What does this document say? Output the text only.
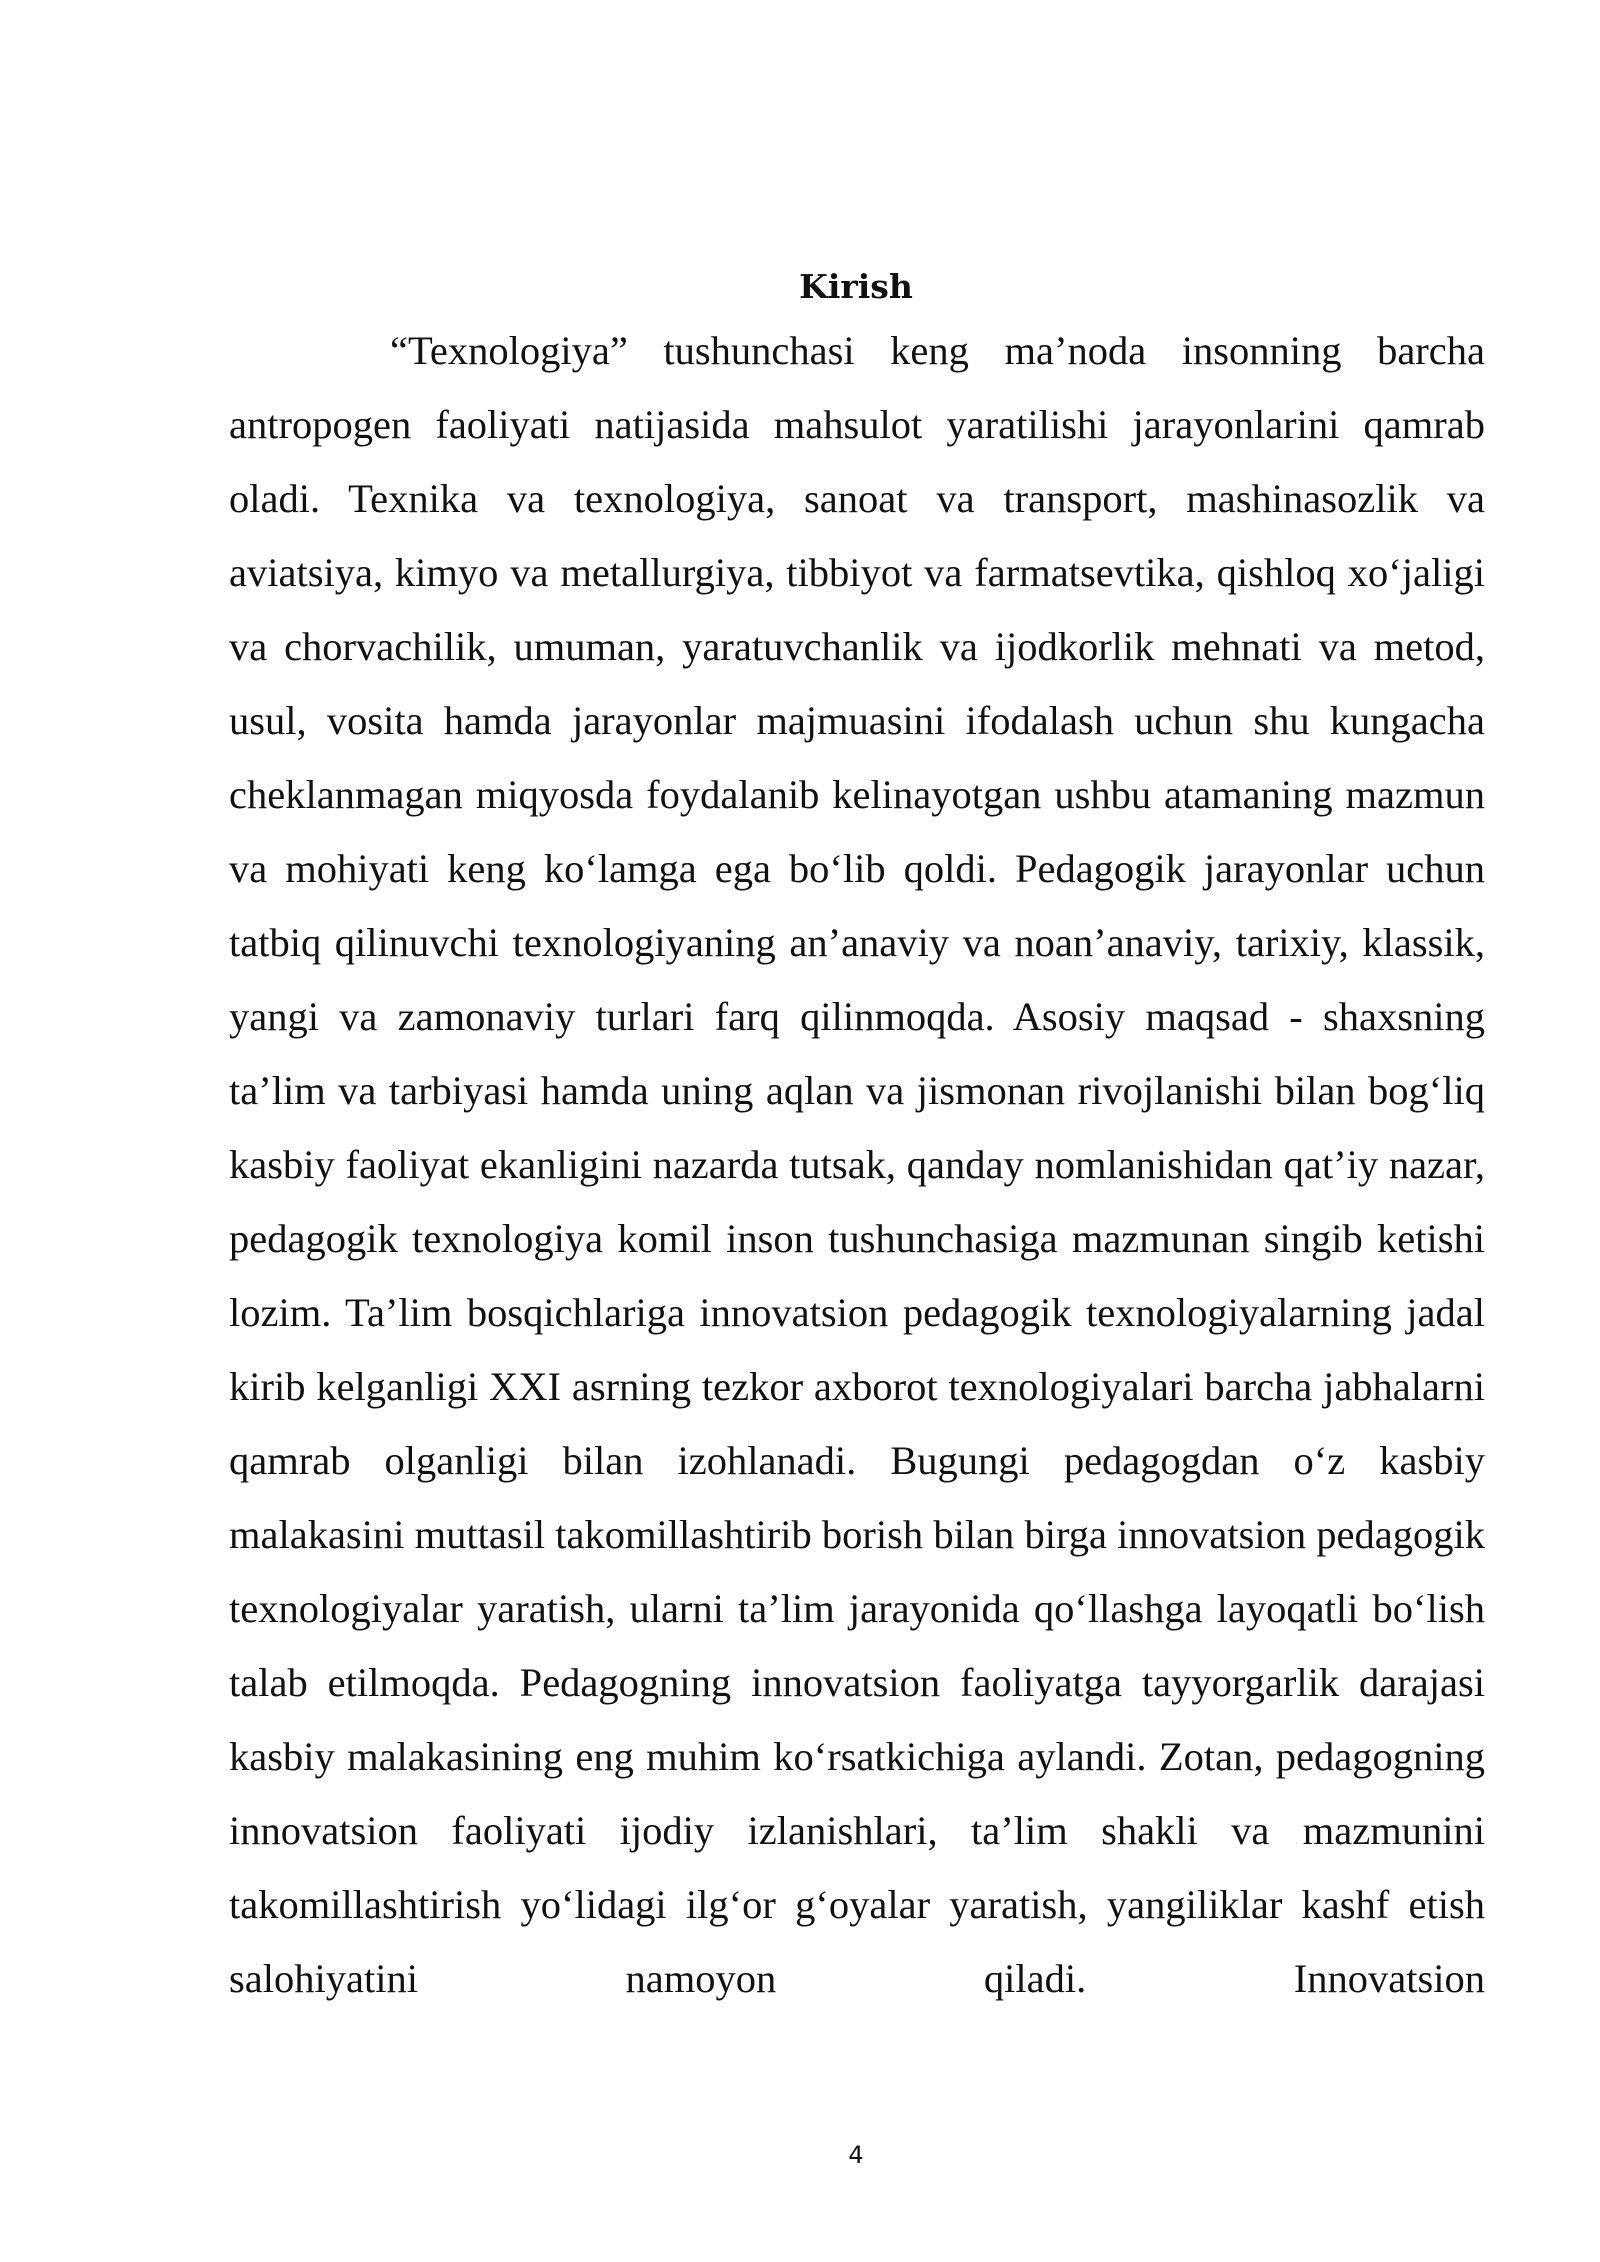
Kirish

“Texnologiya” tushunchasi keng ma’noda insonning barcha antropogen faoliyati natijasida mahsulot yaratilishi jarayonlarini qamrab oladi. Texnika va texnologiya, sanoat va transport, mashinasozlik va aviatsiya, kimyo va metallurgiya, tibbiyot va farmatsevtika, qishloq xo‘jaligi va chorvachilik, umuman, yaratuvchanlik va ijodkorlik mehnati va metod, usul, vosita hamda jarayonlar majmuasini ifodalash uchun shu kungacha cheklanmagan miqyosda foydalanib kelinayotgan ushbu atamaning mazmun va mohiyati keng ko‘lamga ega bo‘lib qoldi. Pedagogik jarayonlar uchun tatbiq qilinuvchi texnologiyaning an’anaviy va noan’anaviy, tarixiy, klassik, yangi va zamonaviy turlari farq qilinmoqda. Asosiy maqsad - shaxsning ta’lim va tarbiyasi hamda uning aqlan va jismonan rivojlanishi bilan bog‘liq kasbiy faoliyat ekanligini nazarda tutsak, qanday nomlanishidan qat’iy nazar, pedagogik texnologiya komil inson tushunchasiga mazmunan singib ketishi lozim. Ta’lim bosqichlariga innovatsion pedagogik texnologiyalarning jadal kirib kelganligi XXI asrning tezkor axborot texnologiyalari barcha jabhalarni qamrab olganligi bilan izohlanadi. Bugungi pedagogdan o‘z kasbiy malakasini muttasil takomillashtirib borish bilan birga innovatsion pedagogik texnologiyalar yaratish, ularni ta’lim jarayonida qo‘llashga layoqatli bo‘lish talab etilmoqda. Pedagogning innovatsion faoliyatga tayyorgarlik darajasi kasbiy malakasining eng muhim ko‘rsatkichiga aylandi. Zotan, pedagogning innovatsion faoliyati ijodiy izlanishlari, ta’lim shakli va mazmunini takomillashtirish yo‘lidagi ilg‘or g‘oyalar yaratish, yangiliklar kashf etish salohiyatini namoyon qiladi. Innovatsion

4
